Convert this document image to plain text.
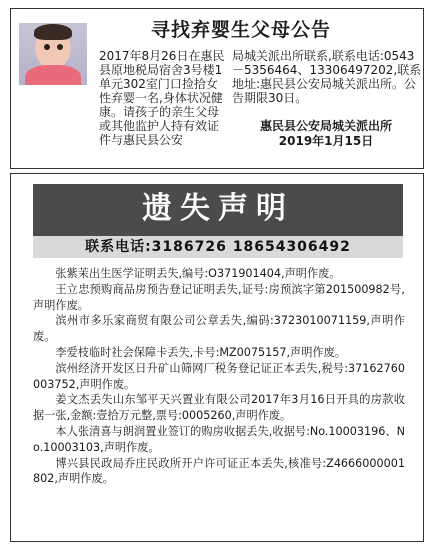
寻找弃婴生父母公告
2017年8月26日在惠民县原地税局宿舍3号楼1单元302室门口捡拾女性弃婴一名,身体状况健康。请孩子的亲生父母或其他监护人持有效证件与惠民县公安
局城关派出所联系,联系电话:0543－5356464、13306497202,联系地址:惠民县公安局城关派出所。公告期限30日。
惠民县公安局城关派出所
2019年1月15日
遗失声明
联系电话:3186726 18654306492
张紫茉出生医学证明丢失,编号:O371901404,声明作废。
王立忠预购商品房预告登记证明丢失,证号:房预滨字第201500982号,声明作废。
滨州市多乐家商贸有限公司公章丢失,编码:3723010071159,声明作废。
李爱枝临时社会保障卡丢失,卡号:MZ0075157,声明作废。
滨州经济开发区日升矿山筛网厂税务登记证正本丢失,税号:37162760003752,声明作废。
姜文杰丢失山东邹平天兴置业有限公司2017年3月16日开具的房款收据一张,金额:壹拾万元整,票号:0005260,声明作废。
本人张清喜与朗润置业签订的购房收据丢失,收据号:No.10003196、No.10003103,声明作废。
博兴县民政局乔庄民政所开户许可证正本丢失,核准号:Z4666000001802,声明作废。
